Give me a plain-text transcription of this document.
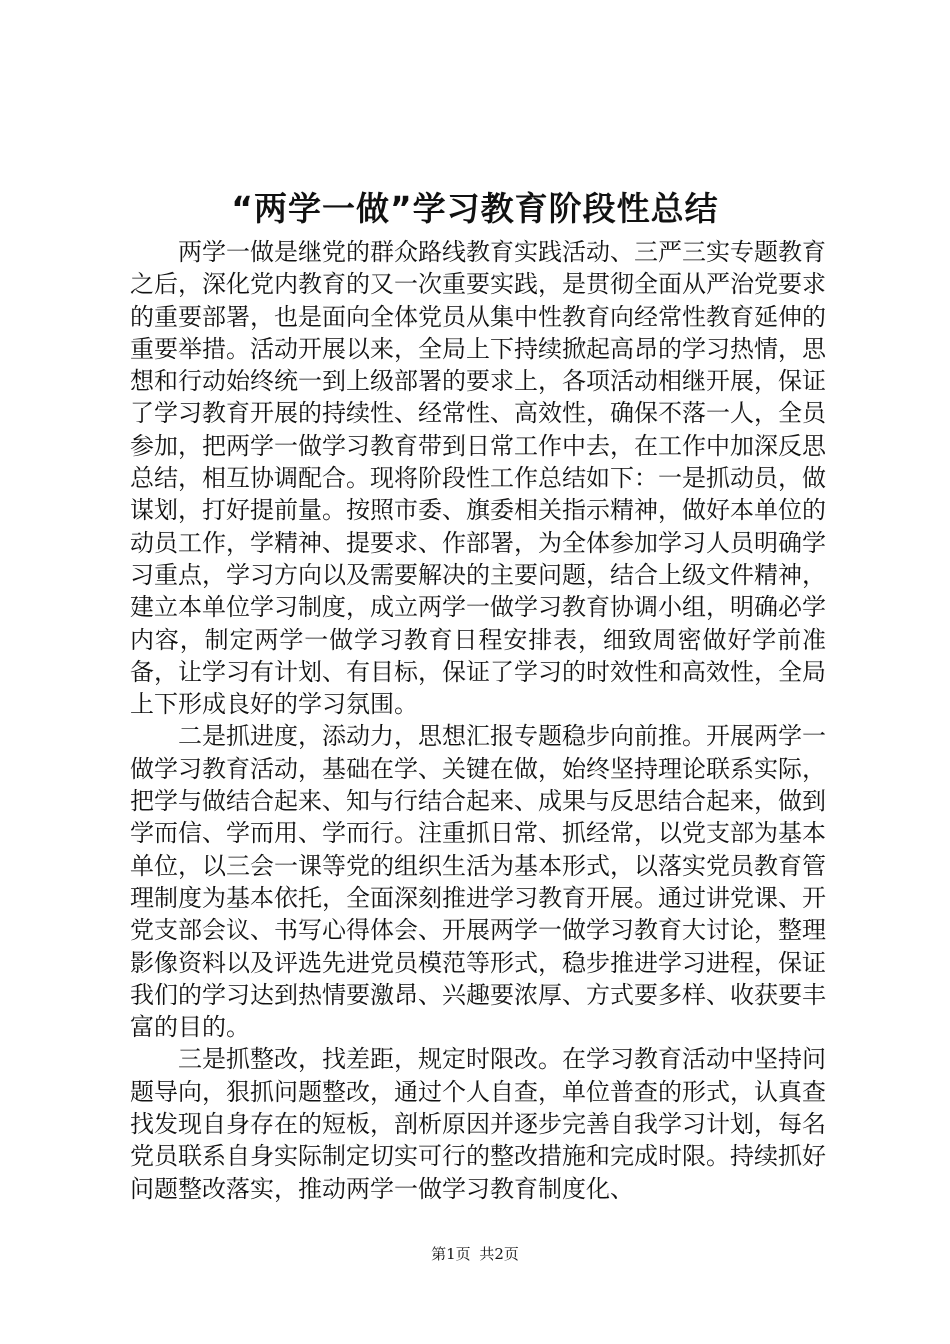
“两学一做”学习教育阶段性总结

两学一做是继党的群众路线教育实践活动、三严三实专题教育之后，深化党内教育的又一次重要实践，是贯彻全面从严治党要求的重要部署，也是面向全体党员从集中性教育向经常性教育延伸的重要举措。活动开展以来，全局上下持续掀起高昂的学习热情，思想和行动始终统一到上级部署的要求上，各项活动相继开展，保证了学习教育开展的持续性、经常性、高效性，确保不落一人，全员参加，把两学一做学习教育带到日常工作中去，在工作中加深反思总结，相互协调配合。现将阶段性工作总结如下：一是抓动员，做谋划，打好提前量。按照市委、旗委相关指示精神，做好本单位的动员工作，学精神、提要求、作部署，为全体参加学习人员明确学习重点，学习方向以及需要解决的主要问题，结合上级文件精神，建立本单位学习制度，成立两学一做学习教育协调小组，明确必学内容，制定两学一做学习教育日程安排表，细致周密做好学前准备，让学习有计划、有目标，保证了学习的时效性和高效性，全局上下形成良好的学习氛围。

二是抓进度，添动力，思想汇报专题稳步向前推。开展两学一做学习教育活动，基础在学、关键在做，始终坚持理论联系实际，把学与做结合起来、知与行结合起来、成果与反思结合起来，做到学而信、学而用、学而行。注重抓日常、抓经常，以党支部为基本单位，以三会一课等党的组织生活为基本形式，以落实党员教育管理制度为基本依托，全面深刻推进学习教育开展。通过讲党课、开党支部会议、书写心得体会、开展两学一做学习教育大讨论，整理影像资料以及评选先进党员模范等形式，稳步推进学习进程，保证我们的学习达到热情要激昂、兴趣要浓厚、方式要多样、收获要丰富的目的。

三是抓整改，找差距，规定时限改。在学习教育活动中坚持问题导向，狠抓问题整改，通过个人自查，单位普查的形式，认真查找发现自身存在的短板，剖析原因并逐步完善自我学习计划，每名党员联系自身实际制定切实可行的整改措施和完成时限。持续抓好问题整改落实，推动两学一做学习教育制度化、

第1页 共2页
